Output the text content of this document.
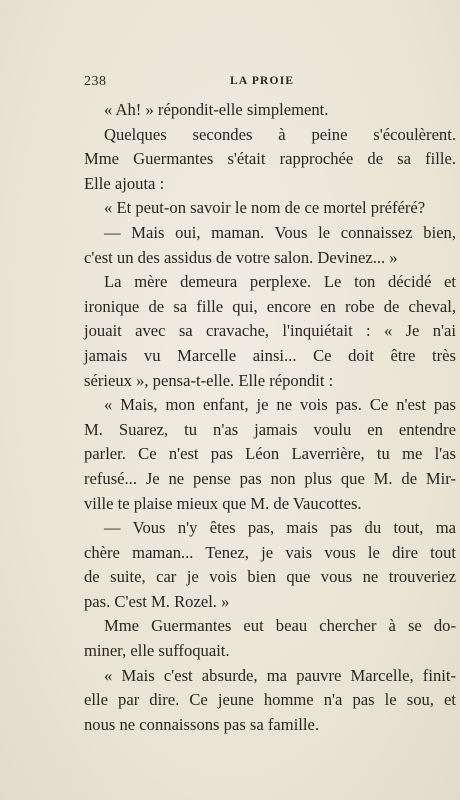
238	LA PROIE

« Ah! » répondit-elle simplement.

Quelques secondes à peine s'écoulèrent.

Mme Guermantes s'était rapprochée de sa fille.

Elle ajouta :

« Et peut-on savoir le nom de ce mortel préféré?

— Mais oui, maman. Vous le connaissez bien,

c'est un des assidus de votre salon. Devinez... »

La mère demeura perplexe. Le ton décidé et

ironique de sa fille qui, encore en robe de cheval,

jouait avec sa cravache, l'inquiétait : « Je n'ai

jamais vu Marcelle ainsi... Ce doit être très

sérieux », pensa-t-elle. Elle répondit :

« Mais, mon enfant, je ne vois pas. Ce n'est pas

M. Suarez, tu n'as jamais voulu en entendre

parler. Ce n'est pas Léon Laverrière, tu me l'as

refusé... Je ne pense pas non plus que M. de Mir-

ville te plaise mieux que M. de Vaucottes.

— Vous n'y êtes pas, mais pas du tout, ma

chère maman... Tenez, je vais vous le dire tout

de suite, car je vois bien que vous ne trouveriez

pas. C'est M. Rozel. »

Mme Guermantes eut beau chercher à se do-

miner, elle suffoquait.

« Mais c'est absurde, ma pauvre Marcelle, finit-

elle par dire. Ce jeune homme n'a pas le sou, et

nous ne connaissons pas sa famille.
